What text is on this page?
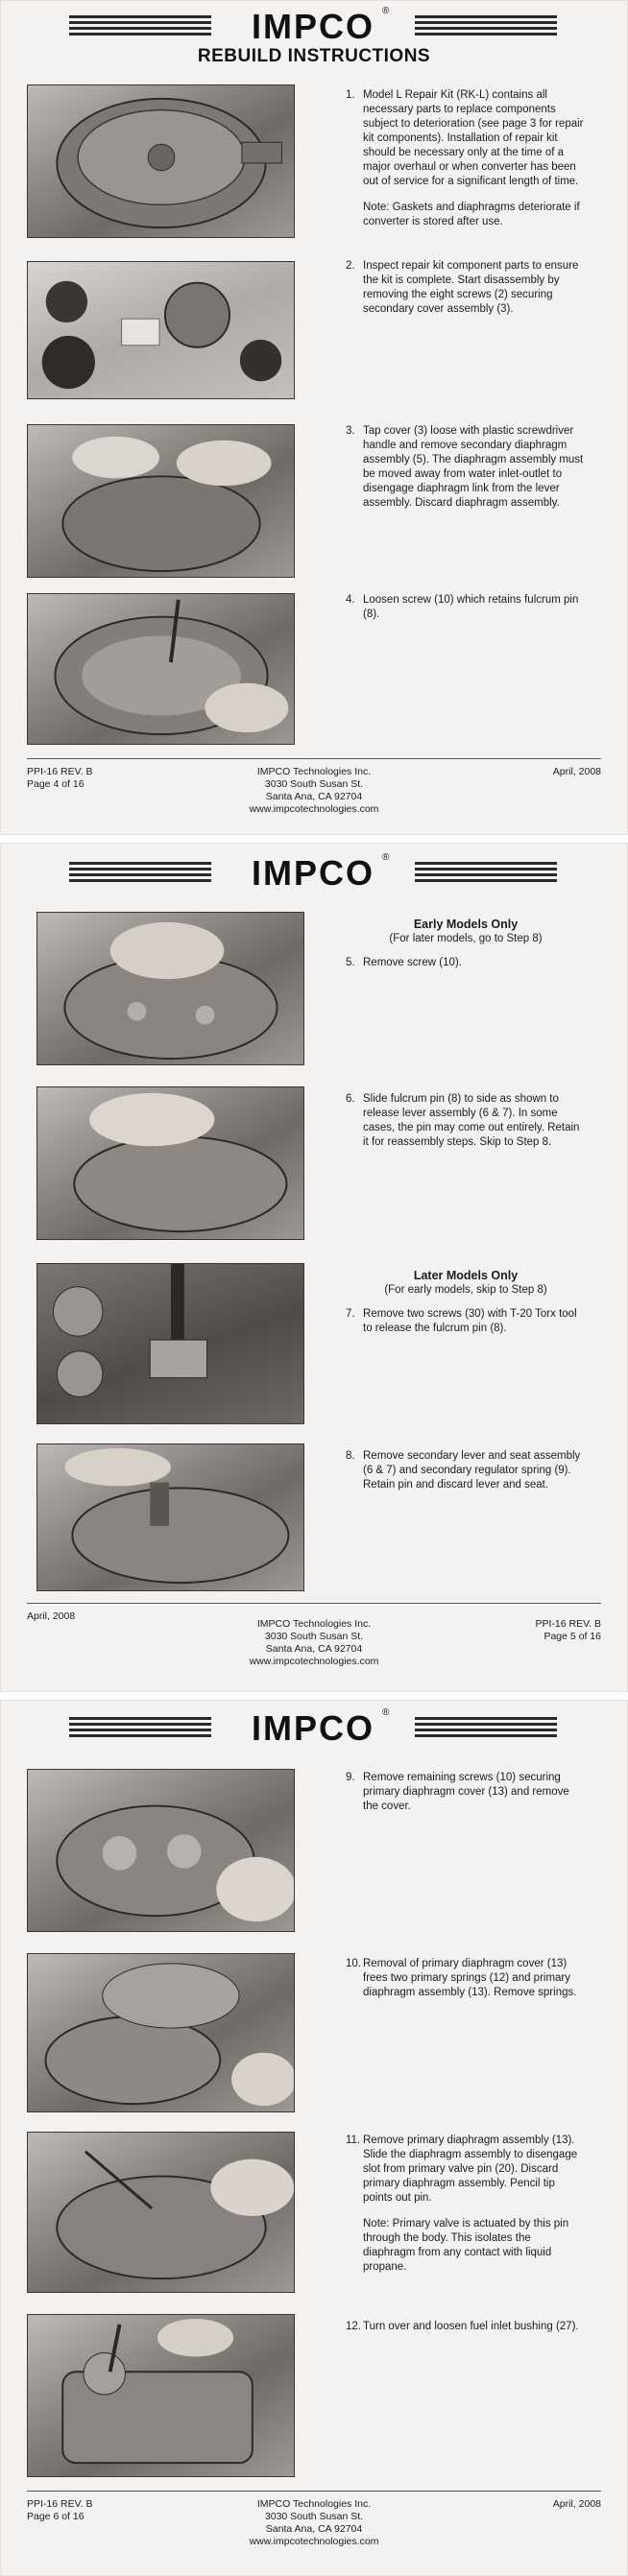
IMPCO ®
REBUILD INSTRUCTIONS
1. Model L Repair Kit (RK-L) contains all necessary parts to replace components subject to deterioration (see page 3 for repair kit components). Installation of repair kit should be necessary only at the time of a major overhaul or when converter has been out of service for a significant length of time.
Note: Gaskets and diaphragms deteriorate if converter is stored after use.
2. Inspect repair kit component parts to ensure the kit is complete. Start disassembly by removing the eight screws (2) securing secondary cover assembly (3).
3. Tap cover (3) loose with plastic screwdriver handle and remove secondary diaphragm assembly (5). The diaphragm assembly must be moved away from water inlet-outlet to disengage diaphragm link from the lever assembly. Discard diaphragm assembly.
4. Loosen screw (10) which retains fulcrum pin (8).
PPI-16 REV. B
Page 4 of 16
IMPCO Technologies Inc.
3030 South Susan St.
Santa Ana, CA 92704
www.impcotechnologies.com
April, 2008
IMPCO ®
Early Models Only
(For later models, go to Step 8)
5. Remove screw (10).
6. Slide fulcrum pin (8) to side as shown to release lever assembly (6 & 7). In some cases, the pin may come out entirely. Retain it for reassembly steps. Skip to Step 8.
Later Models Only
(For early models, skip to Step 8)
7. Remove two screws (30) with T-20 Torx tool to release the fulcrum pin (8).
8. Remove secondary lever and seat assembly (6 & 7) and secondary regulator spring (9). Retain pin and discard lever and seat.
April, 2008
IMPCO Technologies Inc.
3030 South Susan St.
Santa Ana, CA 92704
www.impcotechnologies.com
PPI-16 REV. B
Page 5 of 16
IMPCO ®
9. Remove remaining screws (10) securing primary diaphragm cover (13) and remove the cover.
10. Removal of primary diaphragm cover (13) frees two primary springs (12) and primary diaphragm assembly (13). Remove springs.
11. Remove primary diaphragm assembly (13). Slide the diaphragm assembly to disengage slot from primary valve pin (20). Discard primary diaphragm assembly. Pencil tip points out pin.
Note: Primary valve is actuated by this pin through the body. This isolates the diaphragm from any contact with liquid propane.
12. Turn over and loosen fuel inlet bushing (27).
PPI-16 REV. B
Page 6 of 16
IMPCO Technologies Inc.
3030 South Susan St.
Santa Ana, CA 92704
www.impcotechnologies.com
April, 2008
